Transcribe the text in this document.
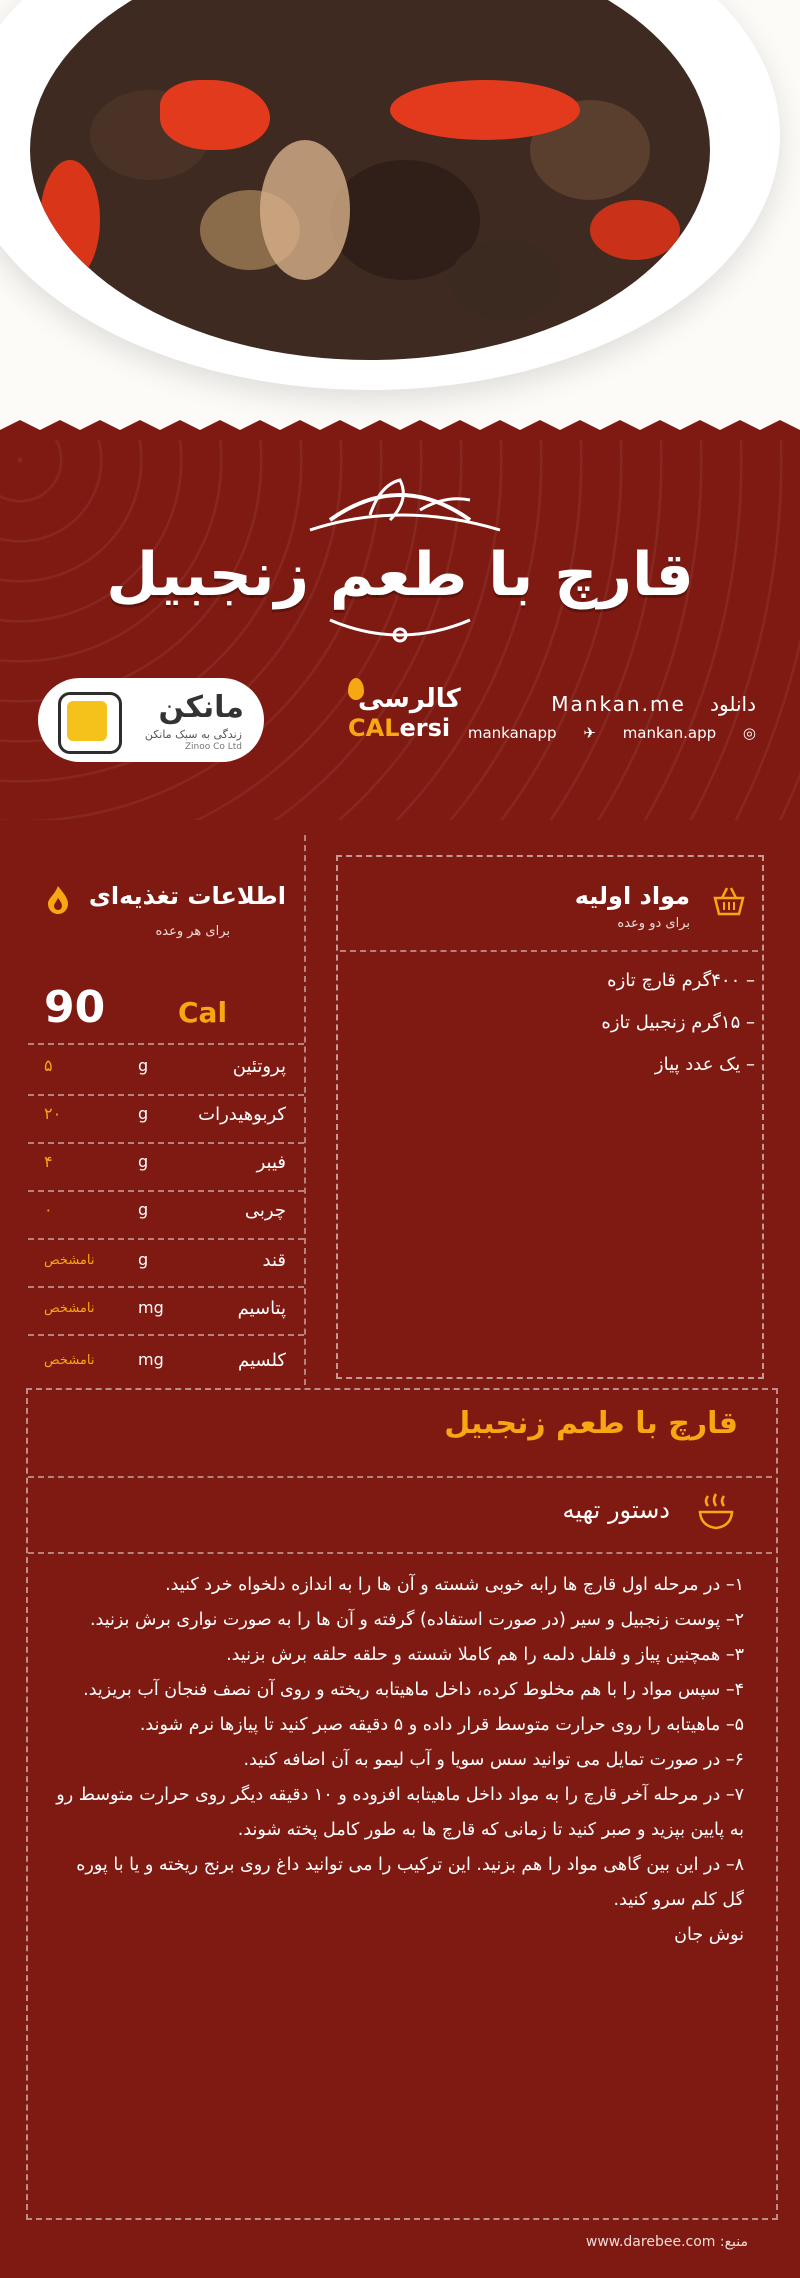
قارچ با طعم زنجبیل
مانکن
زندگی به سبک مانکن
Zinoo Co Ltd
کالرسی
CALersi
دانلود Mankan.me
mankanapp ✈ mankan.app ◎
مواد اولیه
برای دو وعده
– ۴۰۰گرم قارچ تازه
– ۱۵گرم زنجبیل تازه
– یک عدد پیاز
اطلاعات تغذیه‌ای
برای هر وعده
90	Cal
۵	g	پروتئین
۲۰	g	کربوهیدرات
۴	g	فیبر
۰	g	چربی
نامشخص	g	قند
نامشخص	mg	پتاسیم
نامشخص	mg	کلسیم
قارچ با طعم زنجبیل
دستور تهیه

۱– در مرحله اول قارچ ها رابه خوبی شسته و آن ها را به اندازه دلخواه خرد کنید.

۲– پوست زنجبیل و سیر (در صورت استفاده) گرفته و آن ها را به صورت نواری برش بزنید.

۳– همچنین پیاز و فلفل دلمه را هم کاملا شسته و حلقه حلقه برش بزنید.

۴– سپس مواد را با هم مخلوط کرده، داخل ماهیتابه ریخته و روی آن نصف فنجان آب بریزید.

۵– ماهیتابه را روی حرارت متوسط قرار داده و ۵ دقیقه صبر کنید تا پیازها نرم شوند.

۶– در صورت تمایل می توانید سس سویا و آب لیمو به آن اضافه کنید.

۷– در مرحله آخر قارچ را به مواد داخل ماهیتابه افزوده و ۱۰ دقیقه دیگر روی حرارت متوسط رو به پایین بپزید و صبر کنید تا زمانی که قارچ ها به طور کامل پخته شوند.

۸– در این بین گاهی مواد را هم بزنید. این ترکیب را می توانید داغ روی برنج ریخته و یا با پوره گل کلم سرو کنید.

نوش جان

منبع: www.darebee.com
